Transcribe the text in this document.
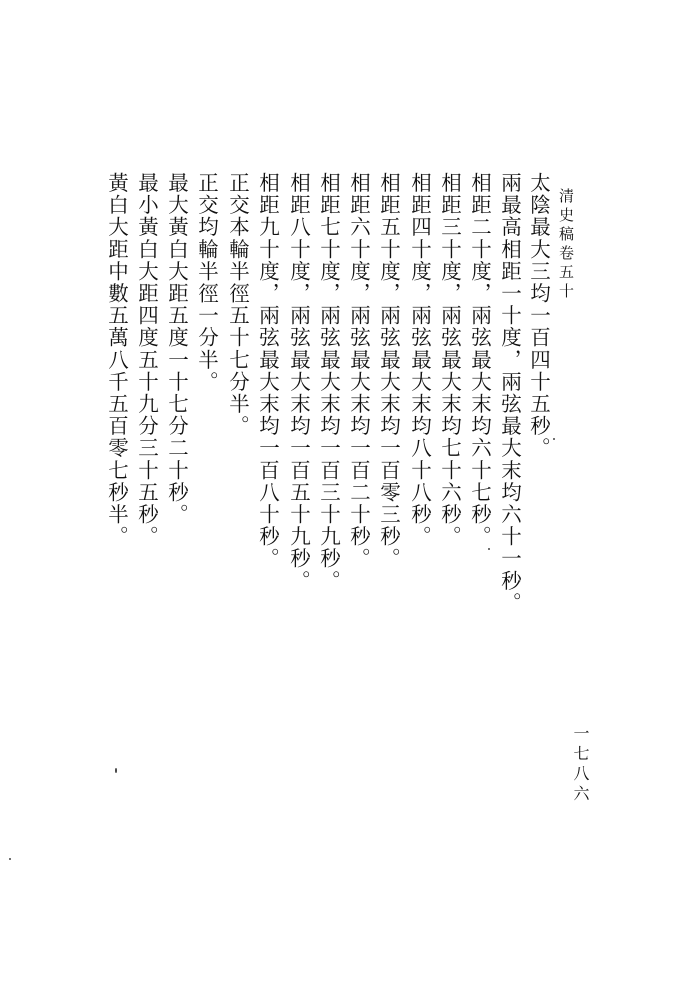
清史稿卷五十
太陰最大三均一百四十五秒。
兩最高相距一十度，兩弦最大末均六十一秒。
相距二十度，兩弦最大末均六十七秒。
相距三十度，兩弦最大末均七十六秒。
相距四十度，兩弦最大末均八十八秒。
相距五十度，兩弦最大末均一百零三秒。
相距六十度，兩弦最大末均一百二十秒。
相距七十度，兩弦最大末均一百三十九秒。
相距八十度，兩弦最大末均一百五十九秒。
相距九十度，兩弦最大末均一百八十秒。
正交本輪半徑五十七分半。
正交均輪半徑一分半。
最大黃白大距五度一十七分二十秒。
最小黃白大距四度五十九分三十五秒。
黃白大距中數五萬八千五百零七秒半。
一七八六
